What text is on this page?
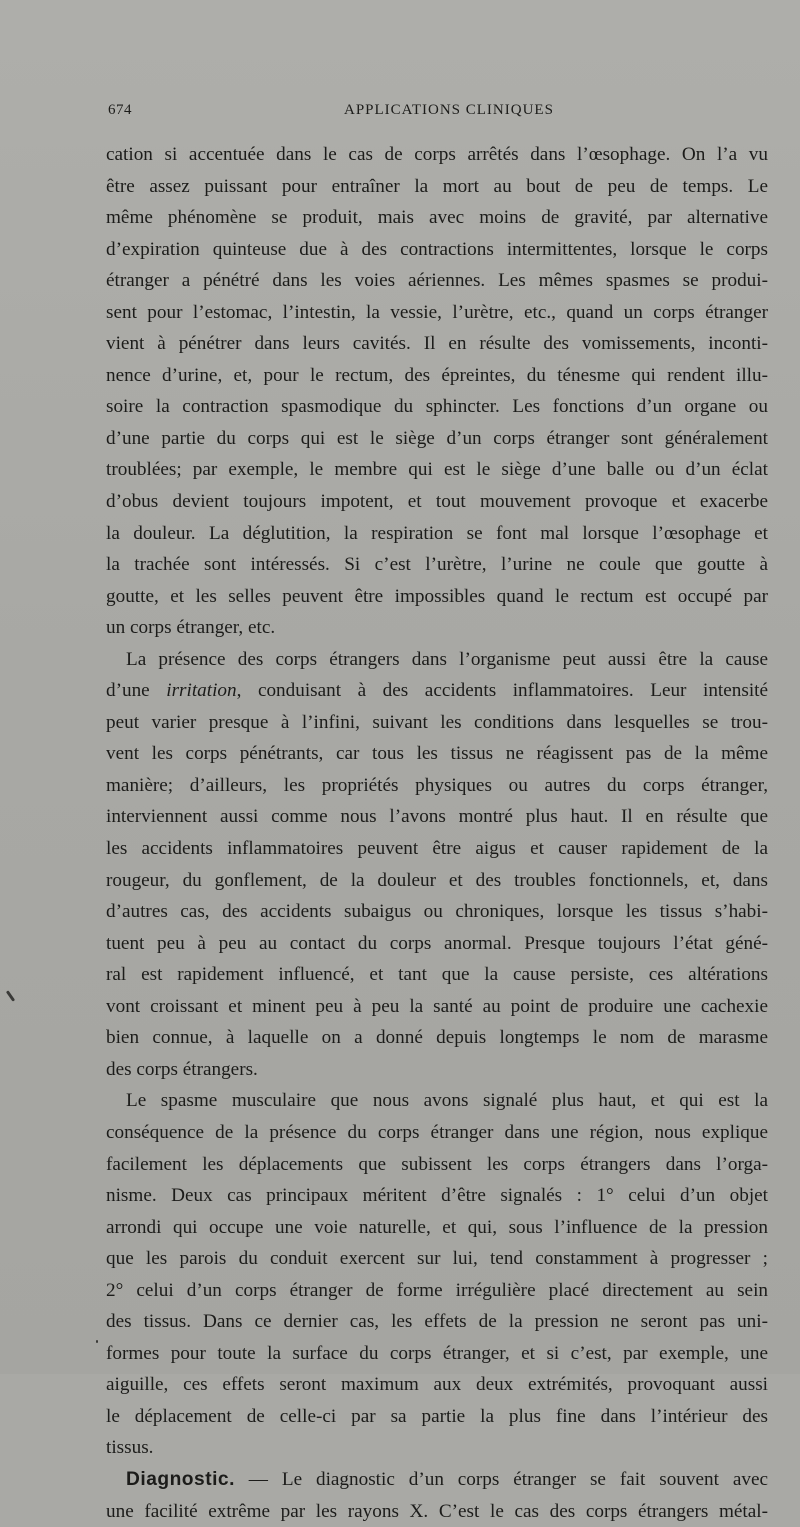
674	APPLICATIONS CLINIQUES
cation si accentuée dans le cas de corps arrêtés dans l’œsophage. On l’a vu
être assez puissant pour entraîner la mort au bout de peu de temps. Le
même phénomène se produit, mais avec moins de gravité, par alternative
d’expiration quinteuse due à des contractions intermittentes, lorsque le corps
étranger a pénétré dans les voies aériennes. Les mêmes spasmes se produi-
sent pour l’estomac, l’intestin, la vessie, l’urètre, etc., quand un corps étranger
vient à pénétrer dans leurs cavités. Il en résulte des vomissements, inconti-
nence d’urine, et, pour le rectum, des épreintes, du ténesme qui rendent illu-
soire la contraction spasmodique du sphincter. Les fonctions d’un organe ou
d’une partie du corps qui est le siège d’un corps étranger sont généralement
troublées; par exemple, le membre qui est le siège d’une balle ou d’un éclat
d’obus devient toujours impotent, et tout mouvement provoque et exacerbe
la douleur. La déglutition, la respiration se font mal lorsque l’œsophage et
la trachée sont intéressés. Si c’est l’urètre, l’urine ne coule que goutte à
goutte, et les selles peuvent être impossibles quand le rectum est occupé par
un corps étranger, etc.
La présence des corps étrangers dans l’organisme peut aussi être la cause
d’une irritation, conduisant à des accidents inflammatoires. Leur intensité
peut varier presque à l’infini, suivant les conditions dans lesquelles se trou-
vent les corps pénétrants, car tous les tissus ne réagissent pas de la même
manière; d’ailleurs, les propriétés physiques ou autres du corps étranger,
interviennent aussi comme nous l’avons montré plus haut. Il en résulte que
les accidents inflammatoires peuvent être aigus et causer rapidement de la
rougeur, du gonflement, de la douleur et des troubles fonctionnels, et, dans
d’autres cas, des accidents subaigus ou chroniques, lorsque les tissus s’habi-
tuent peu à peu au contact du corps anormal. Presque toujours l’état géné-
ral est rapidement influencé, et tant que la cause persiste, ces altérations
vont croissant et minent peu à peu la santé au point de produire une cachexie
bien connue, à laquelle on a donné depuis longtemps le nom de marasme
des corps étrangers.
Le spasme musculaire que nous avons signalé plus haut, et qui est la
conséquence de la présence du corps étranger dans une région, nous explique
facilement les déplacements que subissent les corps étrangers dans l’orga-
nisme. Deux cas principaux méritent d’être signalés : 1° celui d’un objet
arrondi qui occupe une voie naturelle, et qui, sous l’influence de la pression
que les parois du conduit exercent sur lui, tend constamment à progresser ;
2° celui d’un corps étranger de forme irrégulière placé directement au sein
des tissus. Dans ce dernier cas, les effets de la pression ne seront pas uni-
formes pour toute la surface du corps étranger, et si c’est, par exemple, une
aiguille, ces effets seront maximum aux deux extrémités, provoquant aussi
le déplacement de celle-ci par sa partie la plus fine dans l’intérieur des
tissus.
Diagnostic. — Le diagnostic d’un corps étranger se fait souvent avec
une facilité extrême par les rayons X. C’est le cas des corps étrangers métal-
